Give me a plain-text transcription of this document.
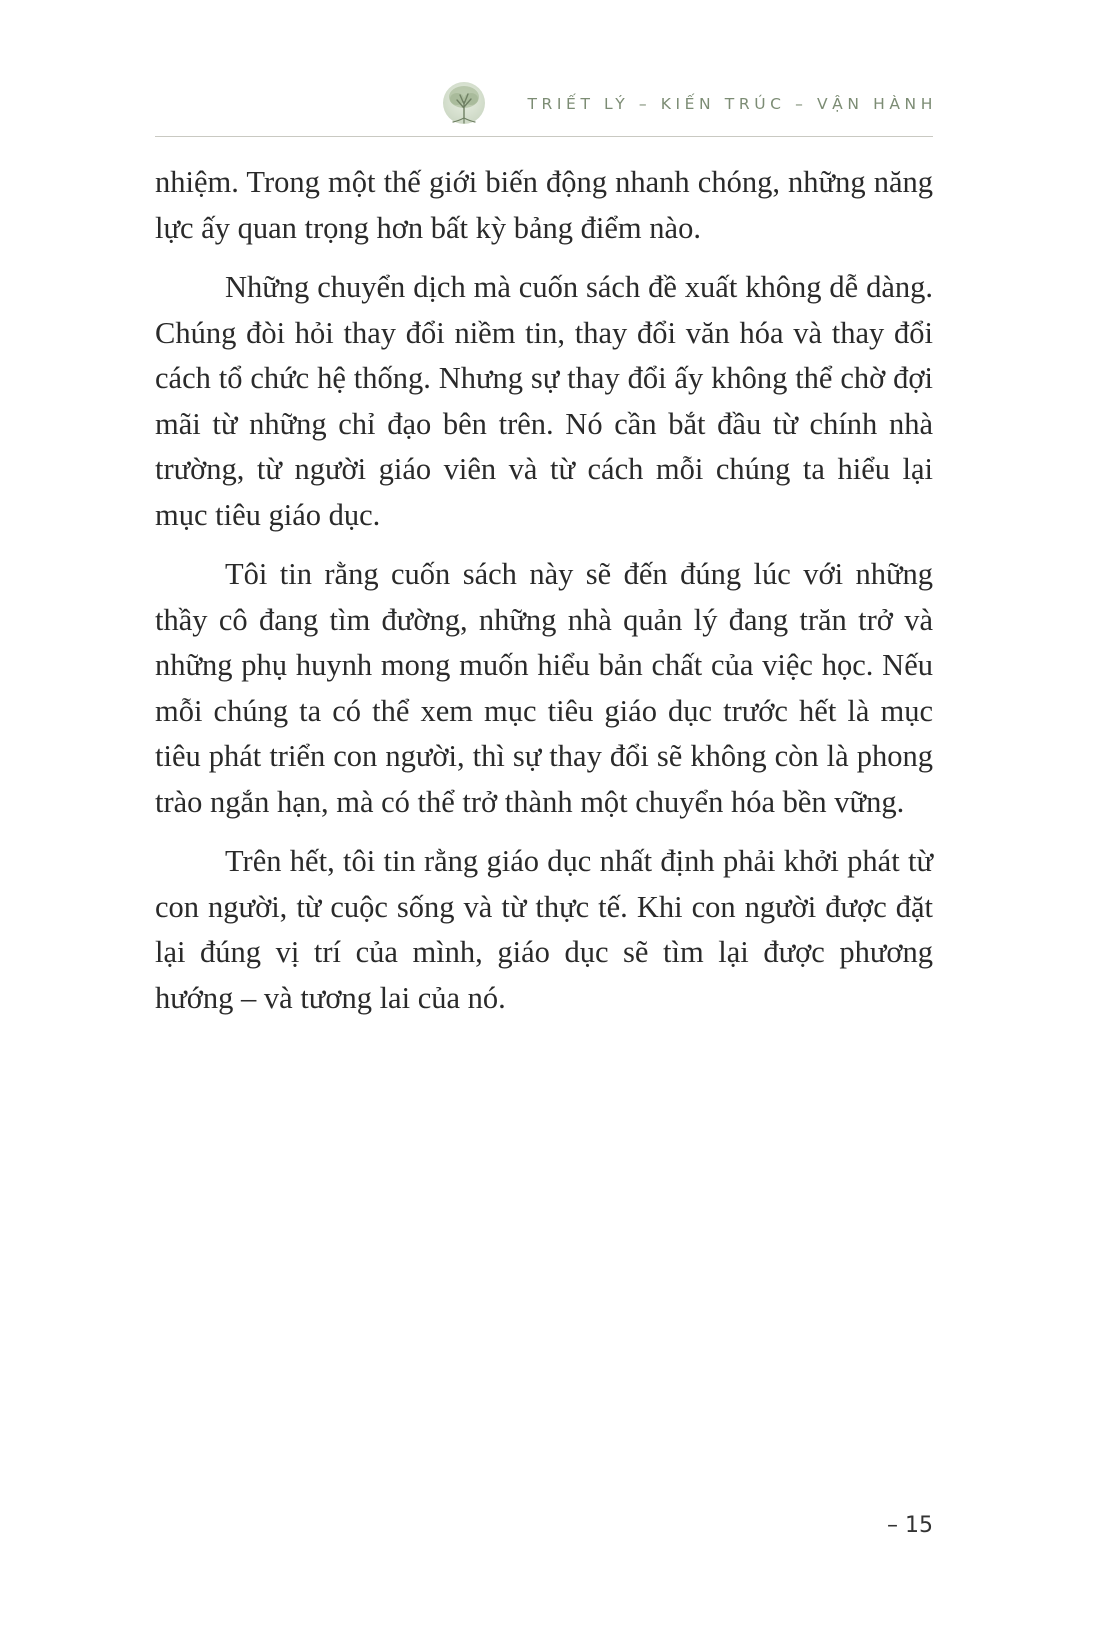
TRIẾT LÝ – KIẾN TRÚC – VẬN HÀNH

nhiệm. Trong một thế giới biến động nhanh chóng, những năng lực ấy quan trọng hơn bất kỳ bảng điểm nào.

Những chuyển dịch mà cuốn sách đề xuất không dễ dàng. Chúng đòi hỏi thay đổi niềm tin, thay đổi văn hóa và thay đổi cách tổ chức hệ thống. Nhưng sự thay đổi ấy không thể chờ đợi mãi từ những chỉ đạo bên trên. Nó cần bắt đầu từ chính nhà trường, từ người giáo viên và từ cách mỗi chúng ta hiểu lại mục tiêu giáo dục.

Tôi tin rằng cuốn sách này sẽ đến đúng lúc với những thầy cô đang tìm đường, những nhà quản lý đang trăn trở và những phụ huynh mong muốn hiểu bản chất của việc học. Nếu mỗi chúng ta có thể xem mục tiêu giáo dục trước hết là mục tiêu phát triển con người, thì sự thay đổi sẽ không còn là phong trào ngắn hạn, mà có thể trở thành một chuyển hóa bền vững.

Trên hết, tôi tin rằng giáo dục nhất định phải khởi phát từ con người, từ cuộc sống và từ thực tế. Khi con người được đặt lại đúng vị trí của mình, giáo dục sẽ tìm lại được phương hướng – và tương lai của nó.

– 15
